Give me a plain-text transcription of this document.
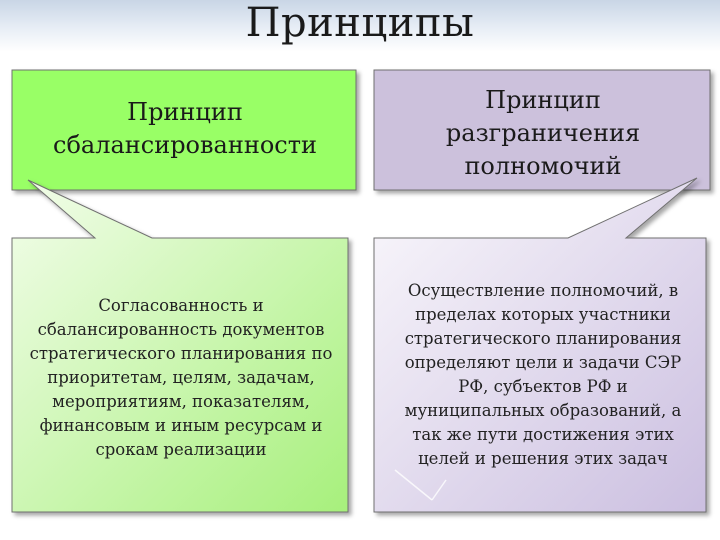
Принципы
Принцип
сбалансированности
Принцип
разграничения
полномочий
Согласованность и
сбалансированность документов
стратегического планирования по
приоритетам, целям, задачам,
мероприятиям, показателям,
финансовым и иным ресурсам и
срокам реализации
Осуществление полномочий, в
пределах которых участники
стратегического планирования
определяют цели и задачи СЭР
РФ, субъектов РФ и
муниципальных образований, а
так же пути достижения этих
целей и решения этих задач
